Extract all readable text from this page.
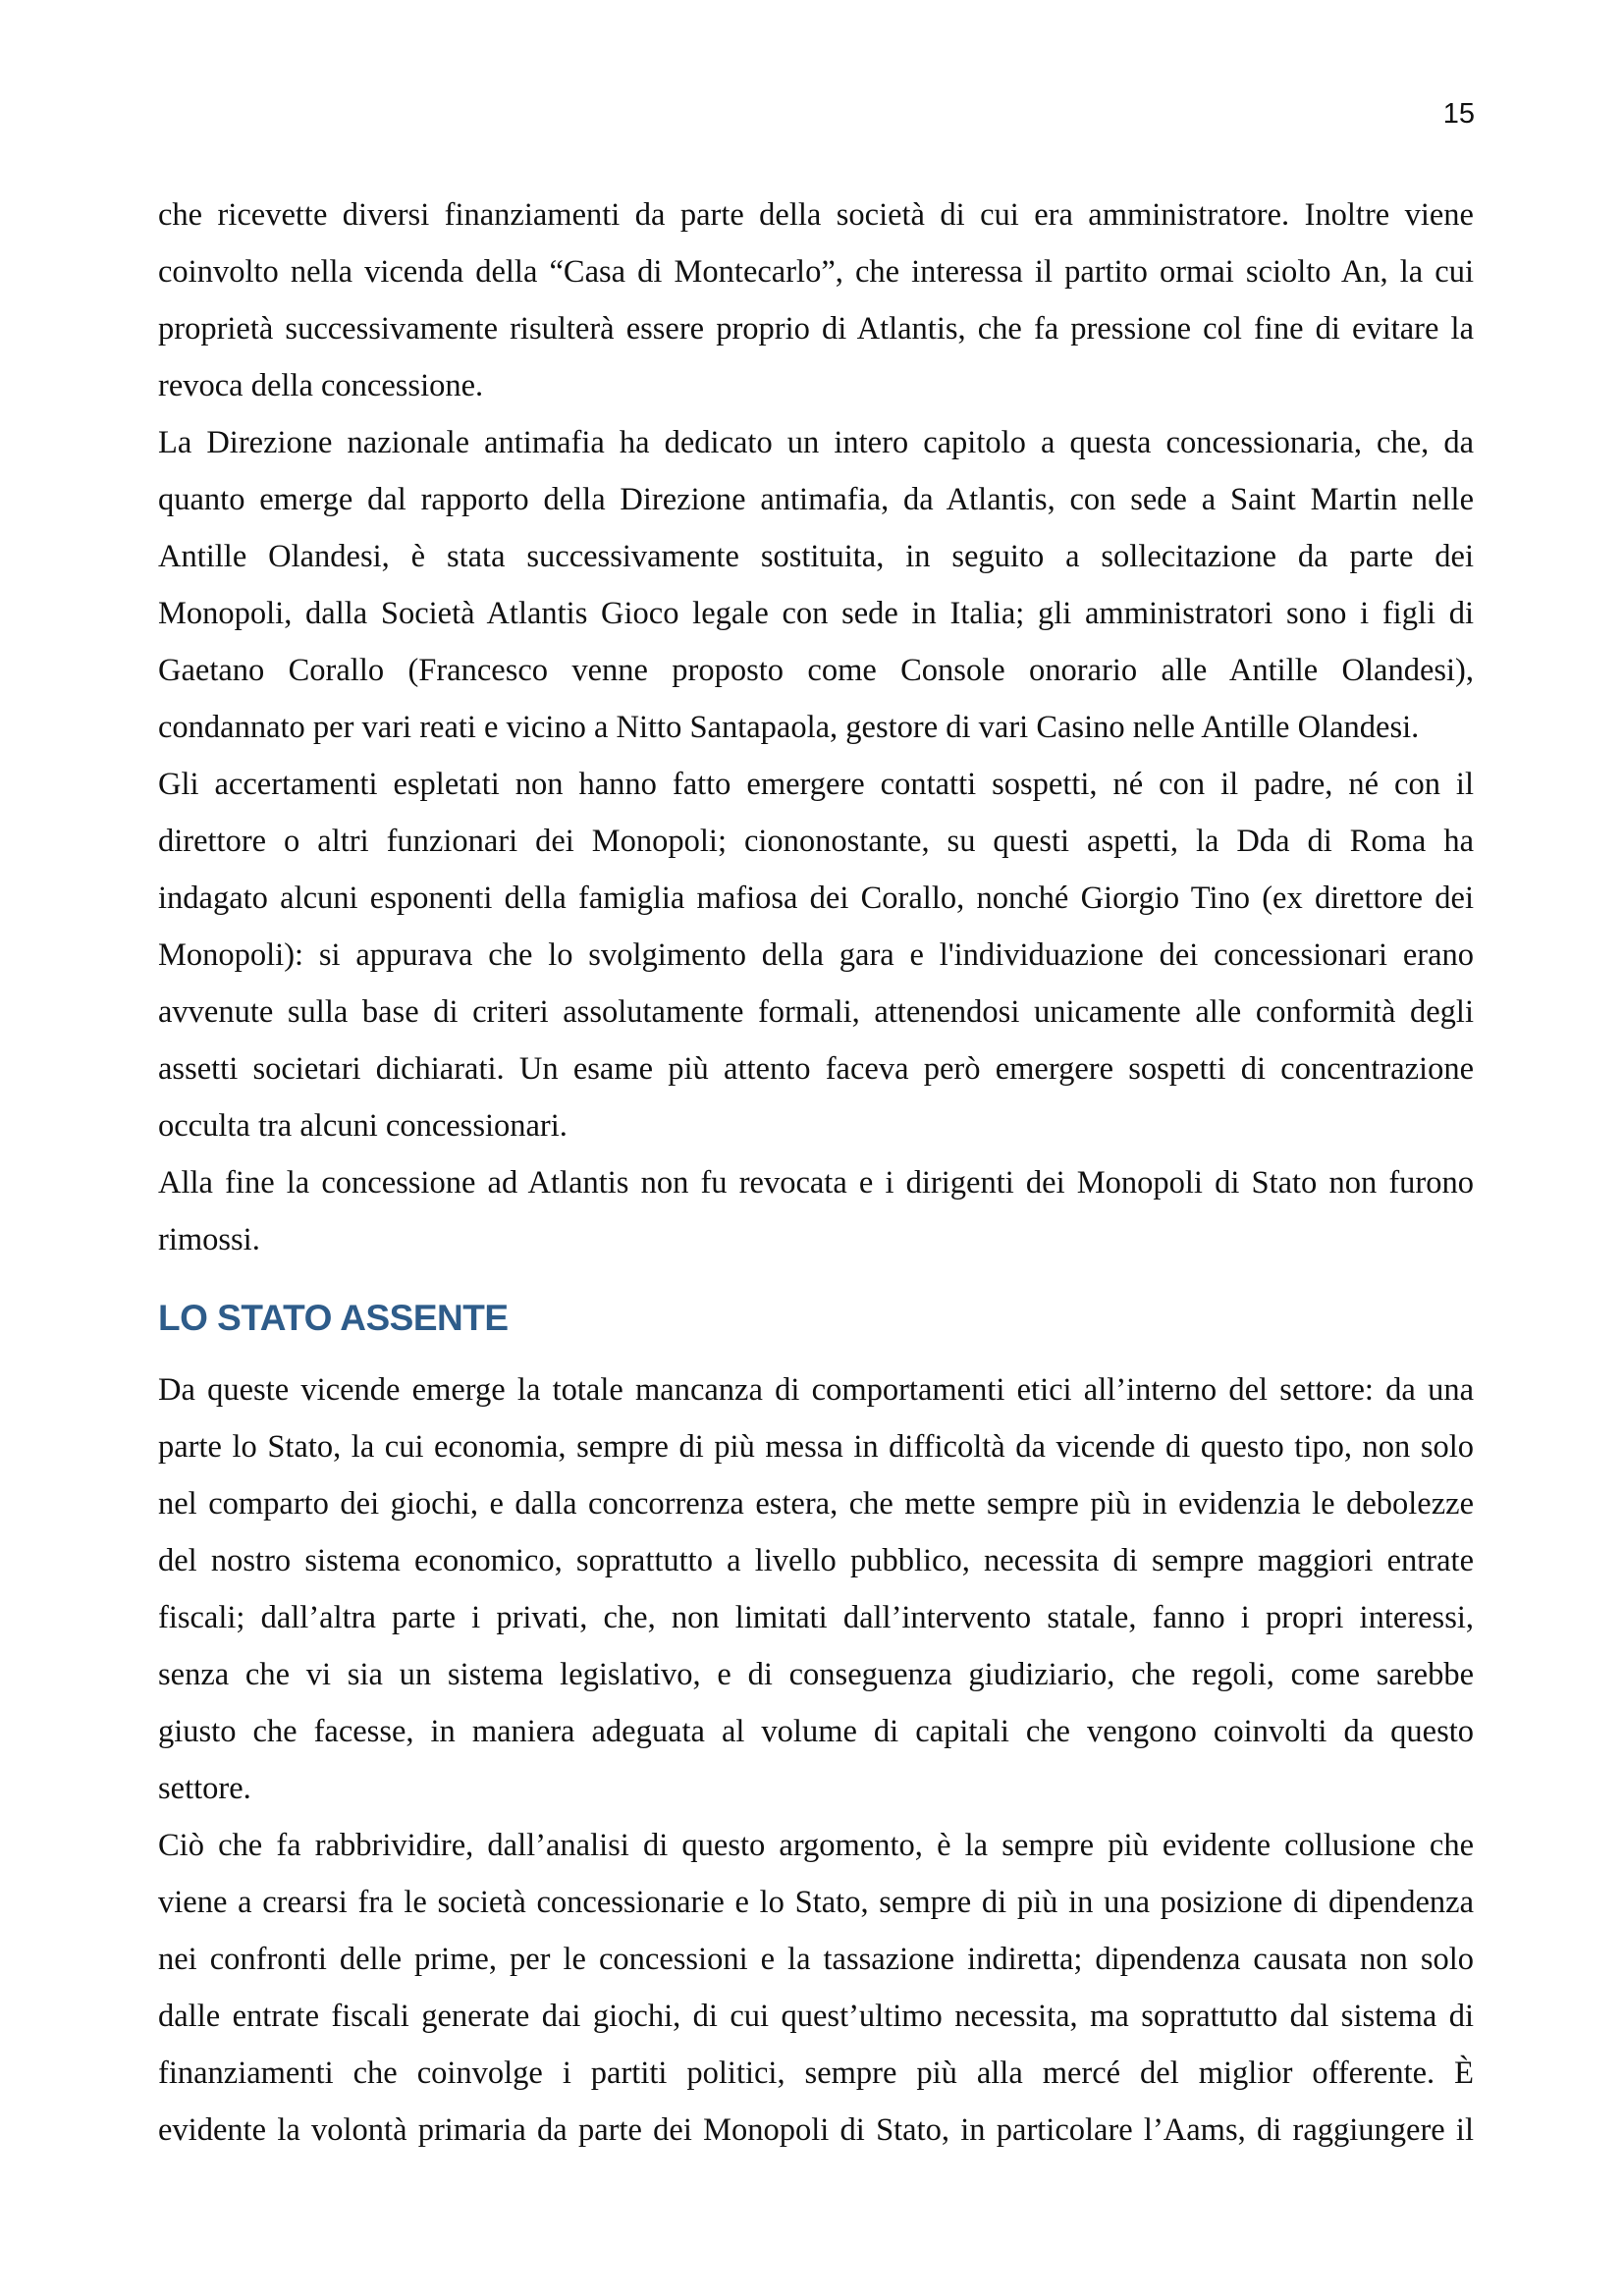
15
che ricevette diversi finanziamenti da parte della società di cui era amministratore. Inoltre viene
coinvolto nella vicenda della “Casa di Montecarlo”, che interessa il partito ormai sciolto An, la cui
proprietà successivamente risulterà essere proprio di Atlantis, che fa pressione col fine di evitare la
revoca della concessione.
La Direzione nazionale antimafia ha dedicato un intero capitolo a questa concessionaria, che, da
quanto emerge dal rapporto della Direzione antimafia, da Atlantis, con sede a Saint Martin nelle
Antille Olandesi, è stata successivamente sostituita, in seguito a sollecitazione da parte dei
Monopoli, dalla Società Atlantis Gioco legale con sede in Italia; gli amministratori sono i figli di
Gaetano Corallo (Francesco venne proposto come Console onorario alle Antille Olandesi),
condannato per vari reati e vicino a Nitto Santapaola, gestore di vari Casino nelle Antille Olandesi.
Gli accertamenti espletati non hanno fatto emergere contatti sospetti, né con il padre, né con il
direttore o altri funzionari dei Monopoli; ciononostante, su questi aspetti, la Dda di Roma ha
indagato alcuni esponenti della famiglia mafiosa dei Corallo, nonché Giorgio Tino (ex direttore dei
Monopoli): si appurava che lo svolgimento della gara e l'individuazione dei concessionari erano
avvenute sulla base di criteri assolutamente formali, attenendosi unicamente alle conformità degli
assetti societari dichiarati. Un esame più attento faceva però emergere sospetti di concentrazione
occulta tra alcuni concessionari.
Alla fine la concessione ad Atlantis non fu revocata e i dirigenti dei Monopoli di Stato non furono
rimossi.
LO STATO ASSENTE
Da queste vicende emerge la totale mancanza di comportamenti etici all’interno del settore: da una
parte lo Stato, la cui economia, sempre di più messa in difficoltà da vicende di questo tipo, non solo
nel comparto dei giochi, e dalla concorrenza estera, che mette sempre più in evidenzia le debolezze
del nostro sistema economico, soprattutto a livello pubblico, necessita di sempre maggiori entrate
fiscali; dall’altra parte i privati, che, non limitati dall’intervento statale, fanno i propri interessi,
senza che vi sia un sistema legislativo, e di conseguenza giudiziario, che regoli, come sarebbe
giusto che facesse, in maniera adeguata al volume di capitali che vengono coinvolti da questo
settore.
Ciò che fa rabbrividire, dall’analisi di questo argomento, è la sempre più evidente collusione che
viene a crearsi fra le società concessionarie e lo Stato, sempre di più in una posizione di dipendenza
nei confronti delle prime, per le concessioni e la tassazione indiretta; dipendenza causata non solo
dalle entrate fiscali generate dai giochi, di cui quest’ultimo necessita, ma soprattutto dal sistema di
finanziamenti che coinvolge i partiti politici, sempre più alla mercé del miglior offerente. È
evidente la volontà primaria da parte dei Monopoli di Stato, in particolare l’Aams, di raggiungere il
